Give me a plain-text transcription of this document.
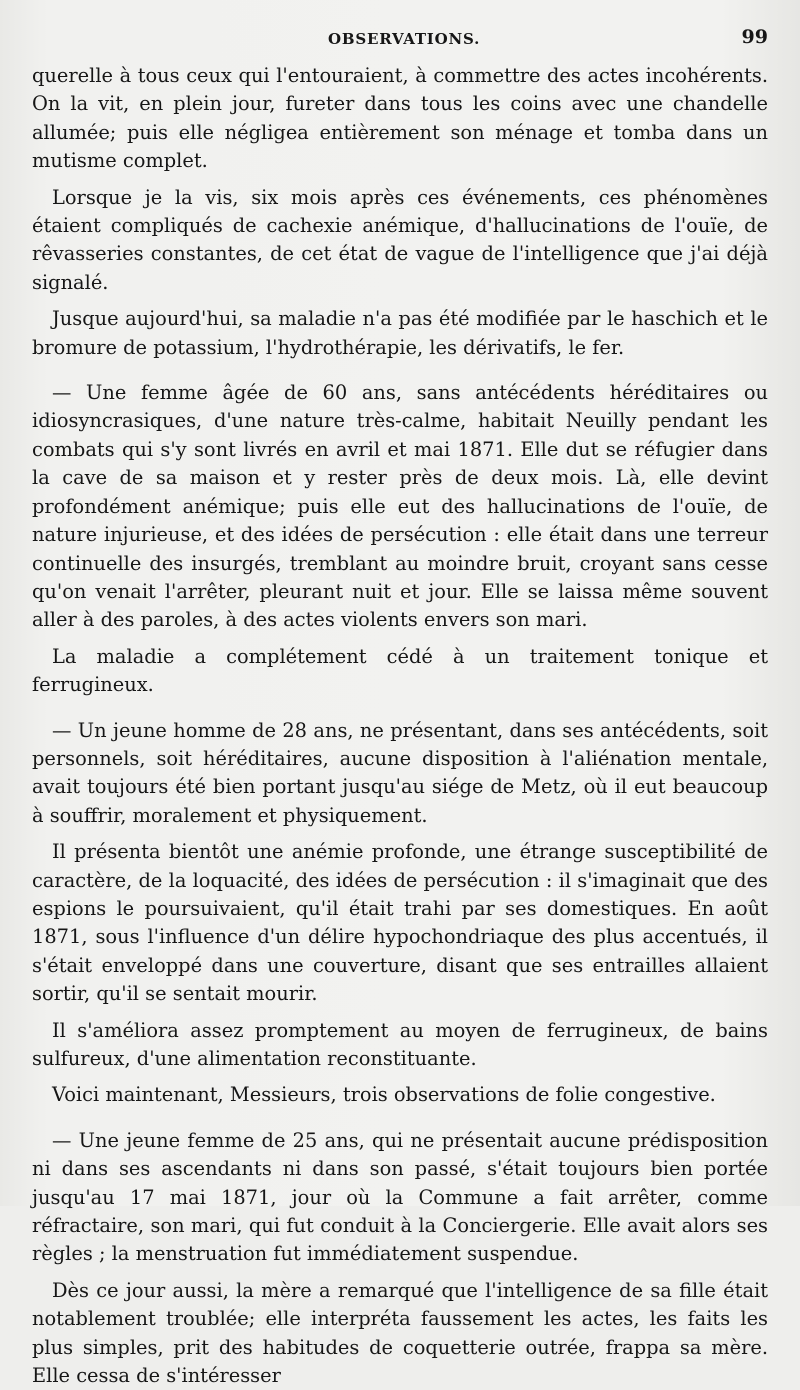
OBSERVATIONS.	99

querelle à tous ceux qui l'entouraient, à commettre des actes incohérents. On la vit, en plein jour, fureter dans tous les coins avec une chandelle allumée; puis elle négligea entièrement son ménage et tomba dans un mutisme complet.

Lorsque je la vis, six mois après ces événements, ces phénomènes étaient compliqués de cachexie anémique, d'hallucinations de l'ouïe, de rêvasseries constantes, de cet état de vague de l'intelligence que j'ai déjà signalé.

Jusque aujourd'hui, sa maladie n'a pas été modifiée par le haschich et le bromure de potassium, l'hydrothérapie, les dérivatifs, le fer.

— Une femme âgée de 60 ans, sans antécédents héréditaires ou idiosyncrasiques, d'une nature très-calme, habitait Neuilly pendant les combats qui s'y sont livrés en avril et mai 1871. Elle dut se réfugier dans la cave de sa maison et y rester près de deux mois. Là, elle devint profondément anémique; puis elle eut des hallucinations de l'ouïe, de nature injurieuse, et des idées de persécution : elle était dans une terreur continuelle des insurgés, tremblant au moindre bruit, croyant sans cesse qu'on venait l'arrêter, pleurant nuit et jour. Elle se laissa même souvent aller à des paroles, à des actes violents envers son mari.

La maladie a complétement cédé à un traitement tonique et ferrugineux.

— Un jeune homme de 28 ans, ne présentant, dans ses antécédents, soit personnels, soit héréditaires, aucune disposition à l'aliénation mentale, avait toujours été bien portant jusqu'au siége de Metz, où il eut beaucoup à souffrir, moralement et physiquement.

Il présenta bientôt une anémie profonde, une étrange susceptibilité de caractère, de la loquacité, des idées de persécution : il s'imaginait que des espions le poursuivaient, qu'il était trahi par ses domestiques. En août 1871, sous l'influence d'un délire hypochondriaque des plus accentués, il s'était enveloppé dans une couverture, disant que ses entrailles allaient sortir, qu'il se sentait mourir.

Il s'améliora assez promptement au moyen de ferrugineux, de bains sulfureux, d'une alimentation reconstituante.

Voici maintenant, Messieurs, trois observations de folie congestive.

— Une jeune femme de 25 ans, qui ne présentait aucune prédisposition ni dans ses ascendants ni dans son passé, s'était toujours bien portée jusqu'au 17 mai 1871, jour où la Commune a fait arrêter, comme réfractaire, son mari, qui fut conduit à la Conciergerie. Elle avait alors ses règles ; la menstruation fut immédiatement suspendue.

Dès ce jour aussi, la mère a remarqué que l'intelligence de sa fille était notablement troublée; elle interpréta faussement les actes, les faits les plus simples, prit des habitudes de coquetterie outrée, frappa sa mère. Elle cessa de s'intéresser
